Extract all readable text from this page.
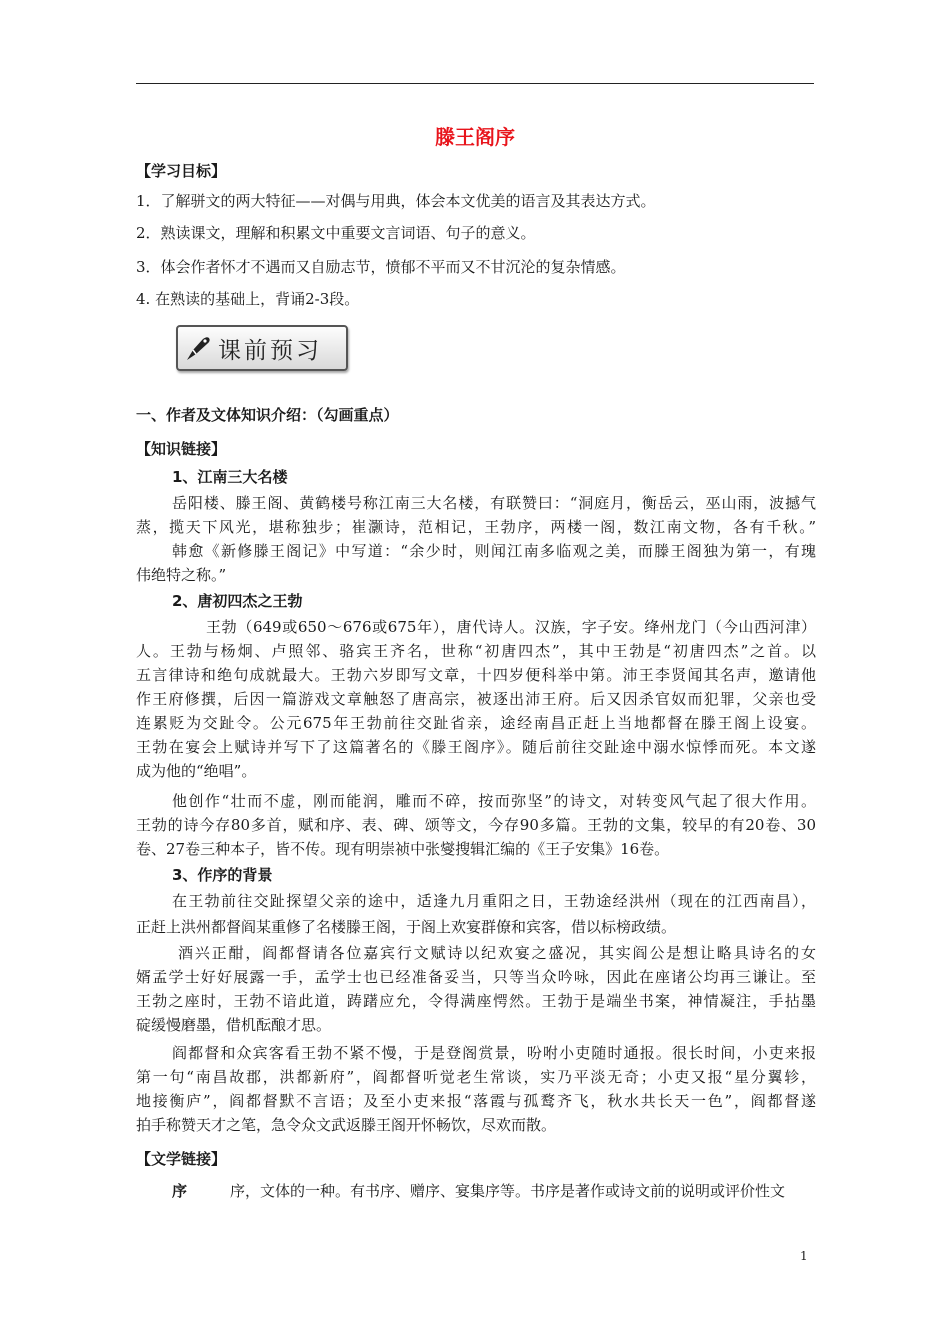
滕王阁序
【学习目标】
1．了解骈文的两大特征——对偶与用典，体会本文优美的语言及其表达方式。
2．熟读课文，理解和积累文中重要文言词语、句子的意义。
3．体会作者怀才不遇而又自励志节，愤郁不平而又不甘沉沦的复杂情感。
4. 在熟读的基础上，背诵2-3段。
一、作者及文体知识介绍：（勾画重点）
【知识链接】
1、江南三大名楼
岳阳楼、滕王阁、黄鹤楼号称江南三大名楼，有联赞曰：“洞庭月，衡岳云，巫山雨，波撼气
蒸，揽天下风光，堪称独步；崔灏诗，范相记，王勃序，两楼一阁，数江南文物，各有千秋。”
韩愈《新修滕王阁记》中写道：“余少时，则闻江南多临观之美，而滕王阁独为第一，有瑰
伟绝特之称。”
2、唐初四杰之王勃
王勃（649或650～676或675年），唐代诗人。汉族，字子安。绛州龙门（今山西河津）
人。王勃与杨炯、卢照邻、骆宾王齐名，世称“初唐四杰”，其中王勃是“初唐四杰”之首。以
五言律诗和绝句成就最大。王勃六岁即写文章，十四岁便科举中第。沛王李贤闻其名声，邀请他
作王府修撰，后因一篇游戏文章触怒了唐高宗，被逐出沛王府。后又因杀官奴而犯罪，父亲也受
连累贬为交趾令。公元675年王勃前往交趾省亲，途经南昌正赶上当地都督在滕王阁上设宴。
王勃在宴会上赋诗并写下了这篇著名的《滕王阁序》。随后前往交趾途中溺水惊悸而死。本文遂
成为他的“绝唱”。
他创作“壮而不虚，刚而能润，雕而不碎，按而弥坚”的诗文，对转变风气起了很大作用。
王勃的诗今存80多首，赋和序、表、碑、颂等文，今存90多篇。王勃的文集，较早的有20卷、30
卷、27卷三种本子，皆不传。现有明崇祯中张燮搜辑汇编的《王子安集》16卷。
3、作序的背景
在王勃前往交趾探望父亲的途中，适逢九月重阳之日，王勃途经洪州（现在的江西南昌），
正赶上洪州都督阎某重修了名楼滕王阁，于阁上欢宴群僚和宾客，借以标榜政绩。
酒兴正酣，阎都督请各位嘉宾行文赋诗以纪欢宴之盛况，其实阎公是想让略具诗名的女
婿孟学士好好展露一手，孟学士也已经准备妥当，只等当众吟咏，因此在座诸公均再三谦让。至
王勃之座时，王勃不谙此道，踌躇应允，令得满座愕然。王勃于是端坐书案，神情凝注，手拈墨
碇缓慢磨墨，借机酝酿才思。
阎都督和众宾客看王勃不紧不慢，于是登阁赏景，吩咐小吏随时通报。很长时间，小吏来报
第一句“南昌故郡，洪都新府”，阎都督听觉老生常谈，实乃平淡无奇；小吏又报“星分翼轸，
地接衡庐”，阎都督默不言语；及至小吏来报“落霞与孤鹜齐飞，秋水共长天一色”，阎都督遂
拍手称赞天才之笔，急令众文武返滕王阁开怀畅饮，尽欢而散。
【文学链接】
序	序，文体的一种。有书序、赠序、宴集序等。书序是著作或诗文前的说明或评价性文
课前预习
1
